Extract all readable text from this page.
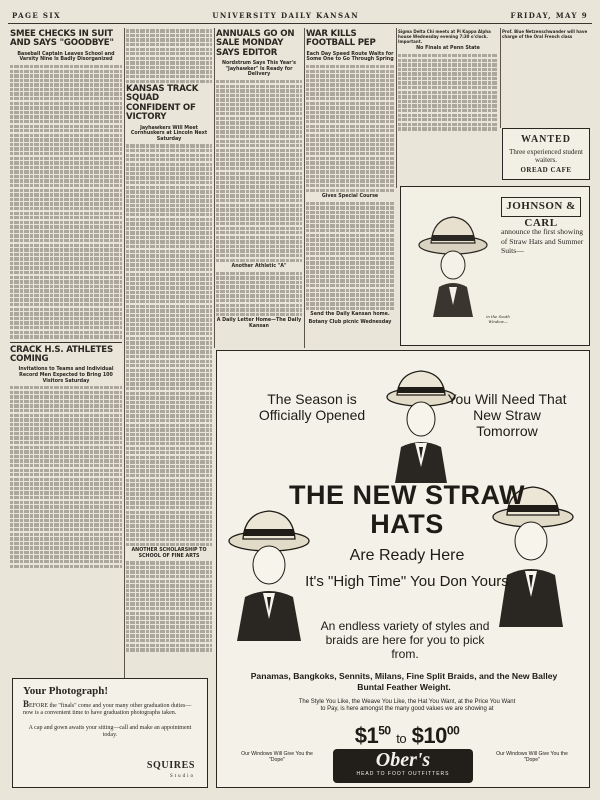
PAGE SIX	UNIVERSITY DAILY KANSAN	FRIDAY, MAY 9
SMEE CHECKS IN SUIT AND SAYS "GOODBYE"
Baseball Captain Leaves School and Varsity Nine Is Badly Disorganized
CRACK H.S. ATHLETES COMING
Invitations to Teams and Individual Record Men Expected to Bring 100 Visitors Saturday
KANSAS TRACK SQUAD CONFIDENT OF VICTORY
Jayhawkers Will Meet Cornhuskers at Lincoln Next Saturday
ANOTHER SCHOLARSHIP TO SCHOOL OF FINE ARTS
ANNUALS GO ON SALE MONDAY SAYS EDITOR
Nordstrum Says This Year's "Jayhawker" Is Ready for Delivery
Another Athletic "A"
A Daily Letter Home—The Daily Kansan
WAR KILLS FOOTBALL PEP
Each Day Speed Route Waits for Some One to Go Through Spring
Gives Special Course
Send the Daily Kansan home.
Botany Club picnic Wednesday
Sigma Delta Chi meets at Pi Kappa Alpha house Wednesday evening 7:30 o'clock. Important.
No Finals at Penn State
Prof. Blue Netzenschwander will have charge of the Oral French class
WANTED
Three experienced student waiters.
OREAD CAFE
JOHNSON & CARL
announce the first showing of Straw Hats and Summer Suits—
in the South Window—
The Season is Officially Opened
You Will Need That New Straw Tomorrow
THE NEW STRAW HATS
Are Ready Here
It's "High Time" You Don Yours
An endless variety of styles and braids are here for you to pick from.
Panamas, Bangkoks, Sennits, Milans, Fine Split Braids, and the New Balley Buntal Feather Weight.
The Style You Like, the Weave You Like, the Hat You Want, at the Price You Want to Pay, is here amongst the many good values we are showing at
$\$1^{50}$ to $\$10^{00}$
Our Windows Will Give You the "Dope"	Ober's
HEAD TO FOOT OUTFITTERS
Our Windows Will Give You the "Dope"
Your Photograph!
BEFORE the "finals" come and your many other graduation duties—now is a convenient time to have graduation photographs taken.
A cap and gown awaits your sitting—call and make an appointment today.
SQUIRES
Studio
